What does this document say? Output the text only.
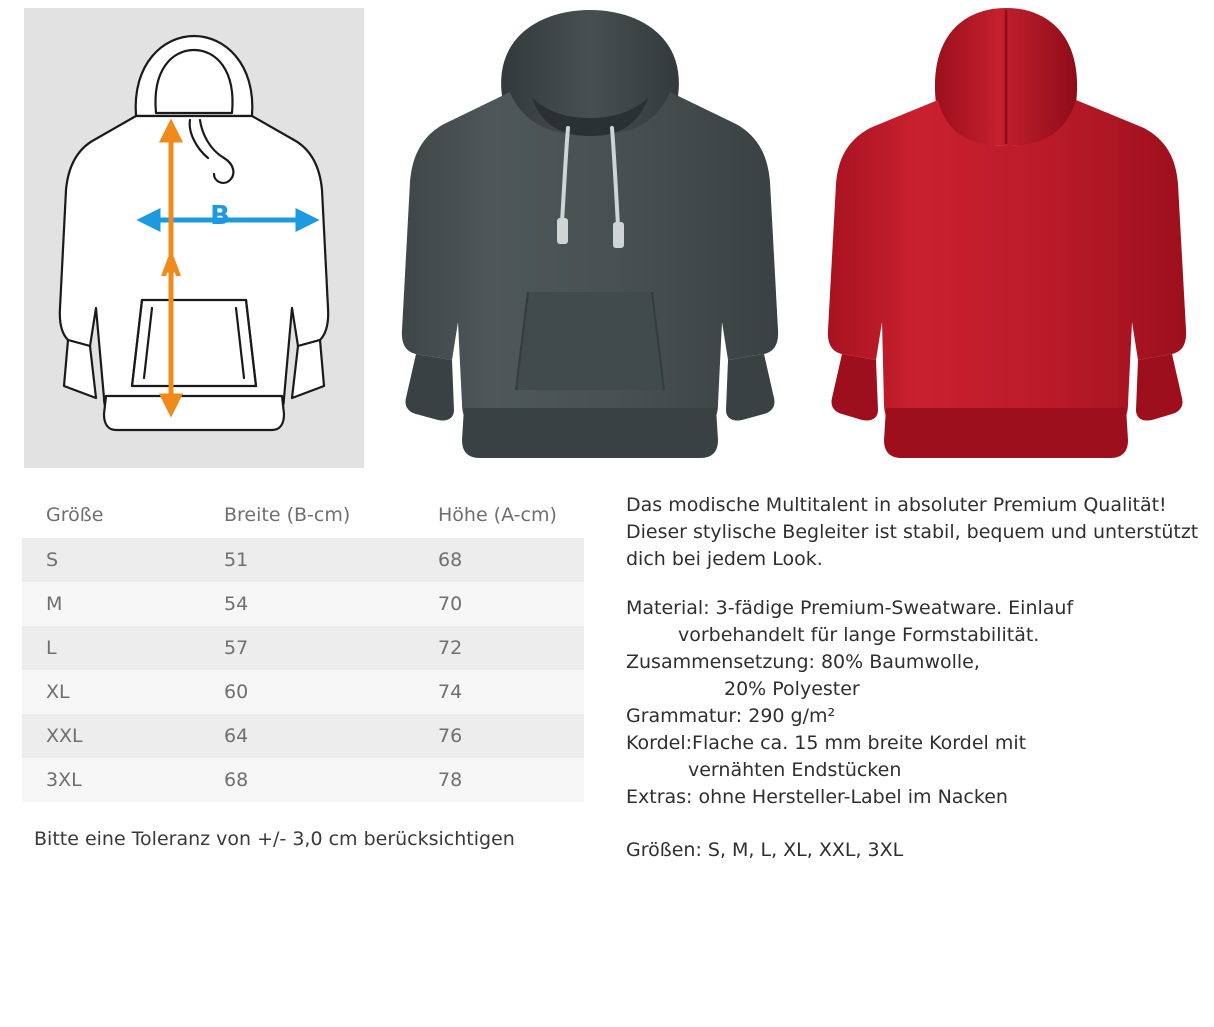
B
A
Größe	Breite (B-cm)	Höhe (A-cm)
S	51	68
M	54	70
L	57	72
XL	60	74
XXL	64	76
3XL	68	78
Bitte eine Toleranz von +/- 3,0 cm berücksichtigen

Das modische Multitalent in absoluter Premium Qualität! Dieser stylische Begleiter ist stabil, bequem und unterstützt dich bei jedem Look.

Material: 3-fädige Premium-Sweatware. Einlauf
vorbehandelt für lange Formstabilität.
Zusammensetzung: 80% Baumwolle,
20% Polyester
Grammatur: 290 g/m²
Kordel:Flache ca. 15 mm breite Kordel mit
vernähten Endstücken
Extras: ohne Hersteller-Label im Nacken
Größen: S, M, L, XL, XXL, 3XL
